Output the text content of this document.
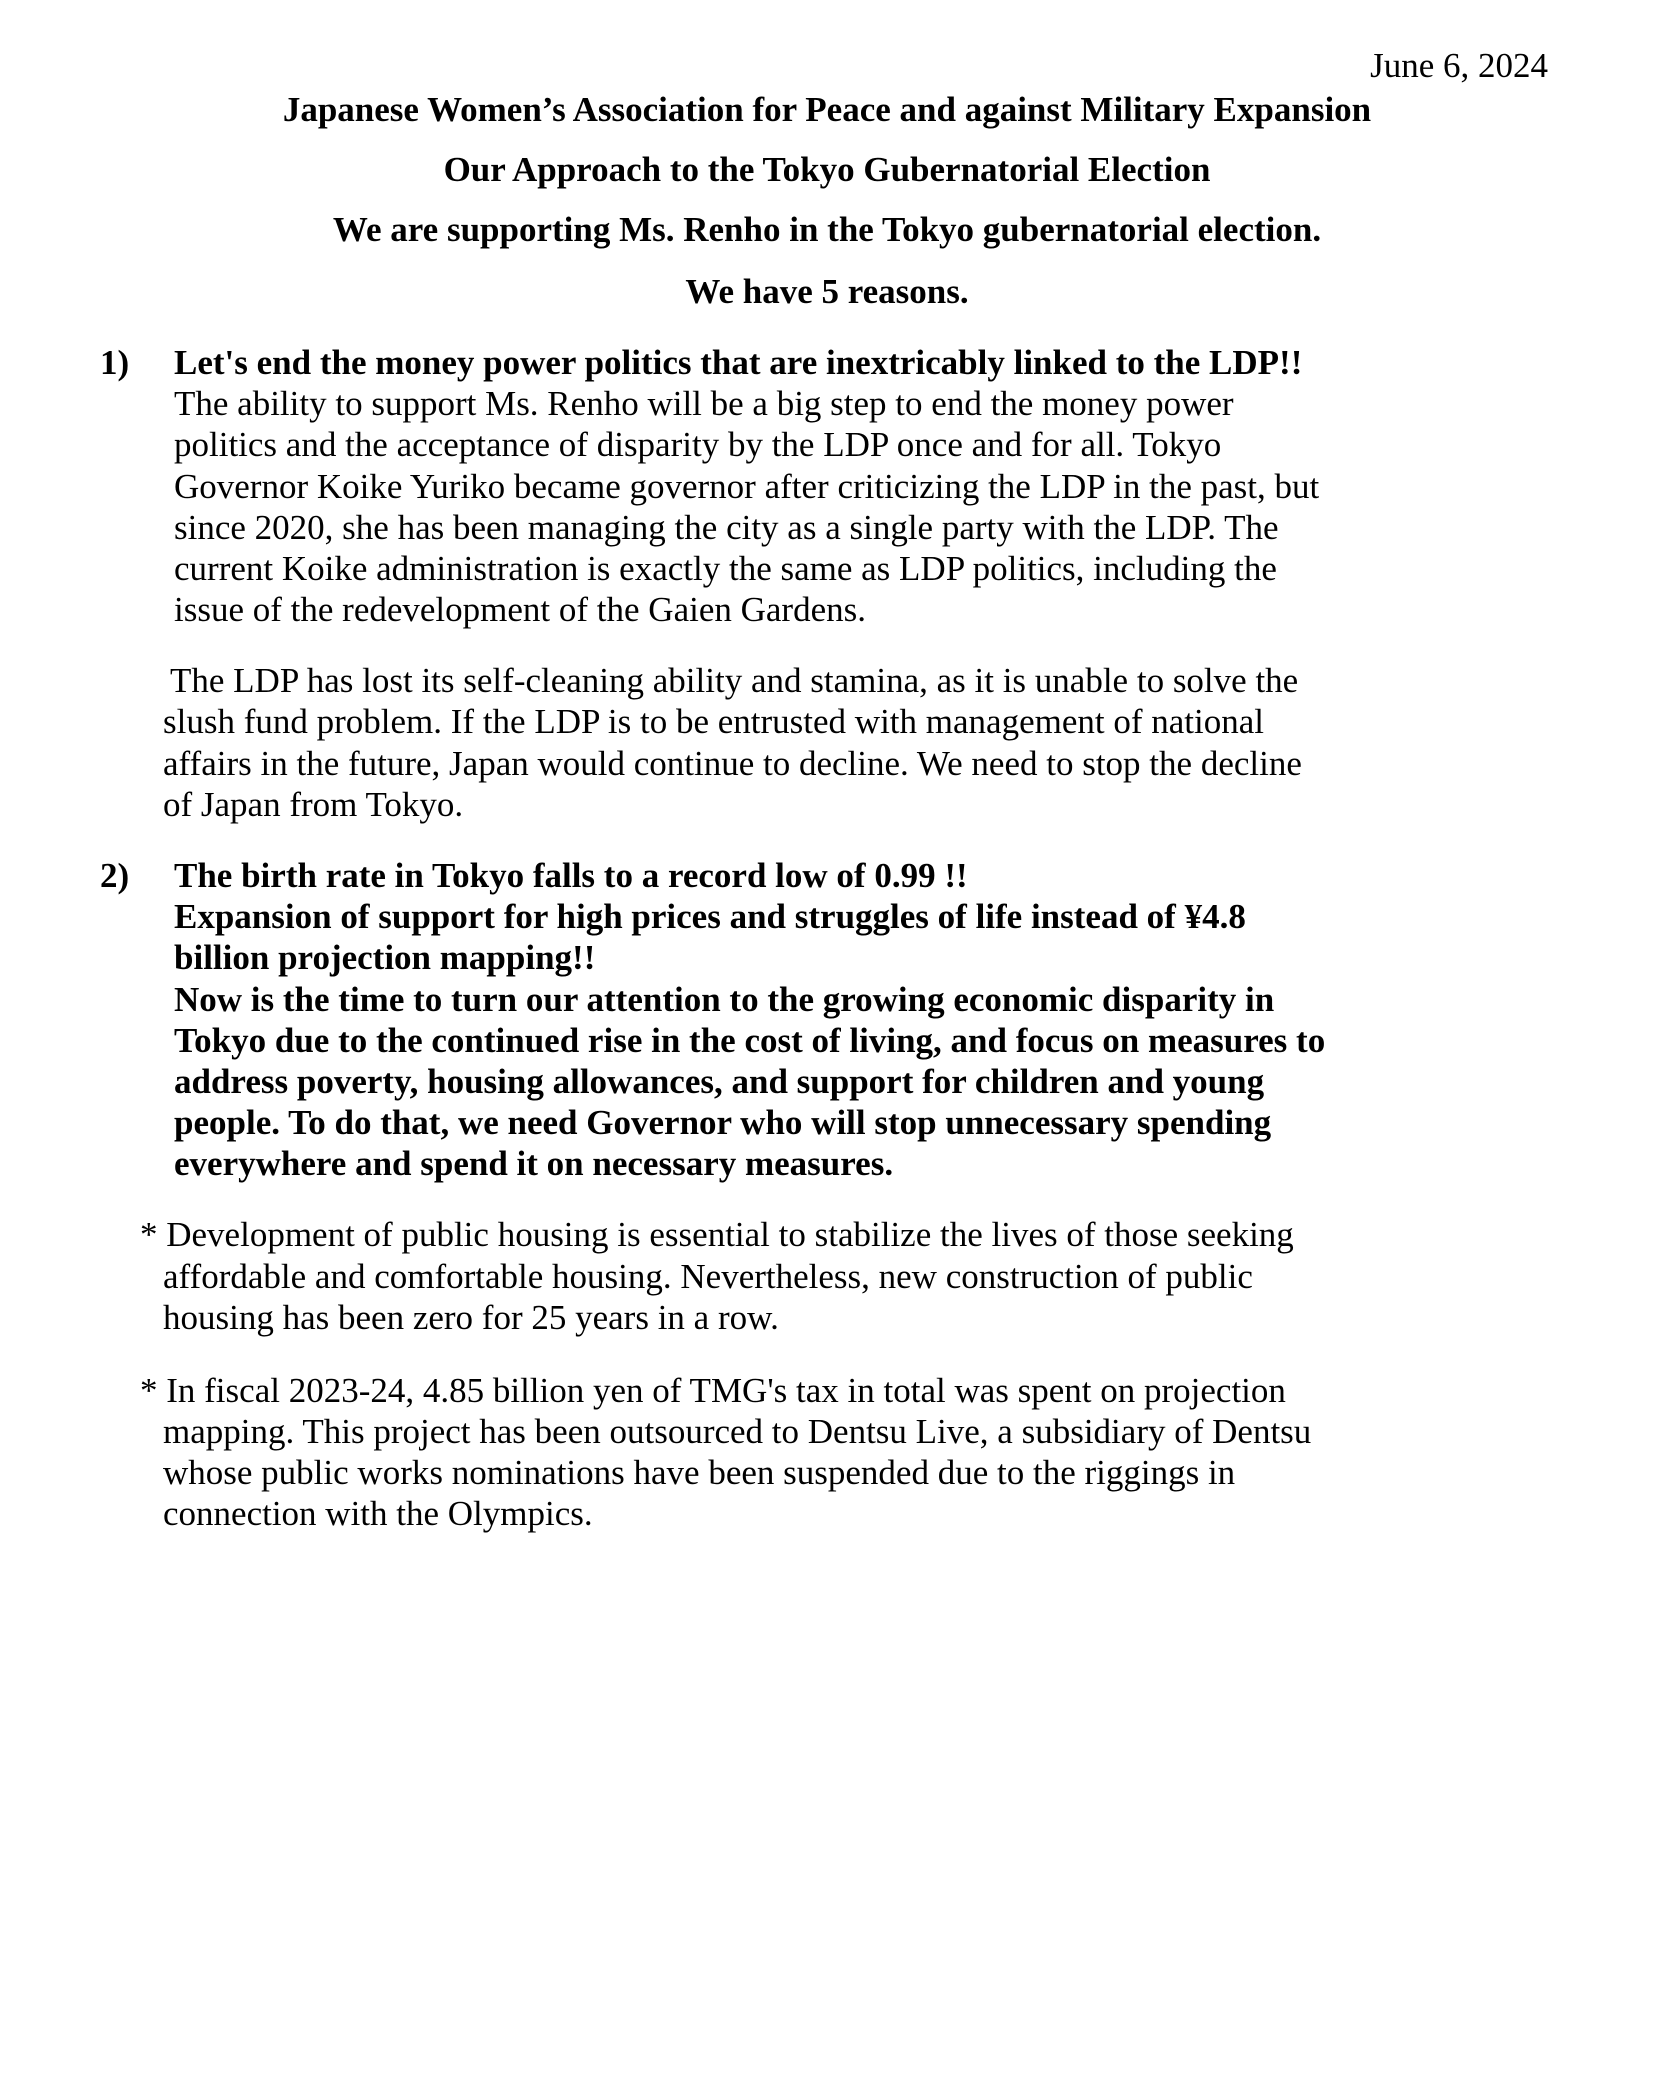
June 6, 2024
Japanese Women’s Association for Peace and against Military Expansion
Our Approach to the Tokyo Gubernatorial Election
We are supporting Ms. Renho in the Tokyo gubernatorial election.
We have 5 reasons.
1) Let's end the money power politics that are inextricably linked to the LDP!!
The ability to support Ms. Renho will be a big step to end the money power
politics and the acceptance of disparity by the LDP once and for all. Tokyo
Governor Koike Yuriko became governor after criticizing the LDP in the past, but
since 2020, she has been managing the city as a single party with the LDP. The
current Koike administration is exactly the same as LDP politics, including the
issue of the redevelopment of the Gaien Gardens.
The LDP has lost its self-cleaning ability and stamina, as it is unable to solve the
slush fund problem. If the LDP is to be entrusted with management of national
affairs in the future, Japan would continue to decline. We need to stop the decline
of Japan from Tokyo.
2) The birth rate in Tokyo falls to a record low of 0.99 !!
Expansion of support for high prices and struggles of life instead of ¥4.8
billion projection mapping!!
Now is the time to turn our attention to the growing economic disparity in
Tokyo due to the continued rise in the cost of living, and focus on measures to
address poverty, housing allowances, and support for children and young
people. To do that, we need Governor who will stop unnecessary spending
everywhere and spend it on necessary measures.
* Development of public housing is essential to stabilize the lives of those seeking
affordable and comfortable housing. Nevertheless, new construction of public
housing has been zero for 25 years in a row.
* In fiscal 2023-24, 4.85 billion yen of TMG's tax in total was spent on projection
mapping. This project has been outsourced to Dentsu Live, a subsidiary of Dentsu
whose public works nominations have been suspended due to the riggings in
connection with the Olympics.
